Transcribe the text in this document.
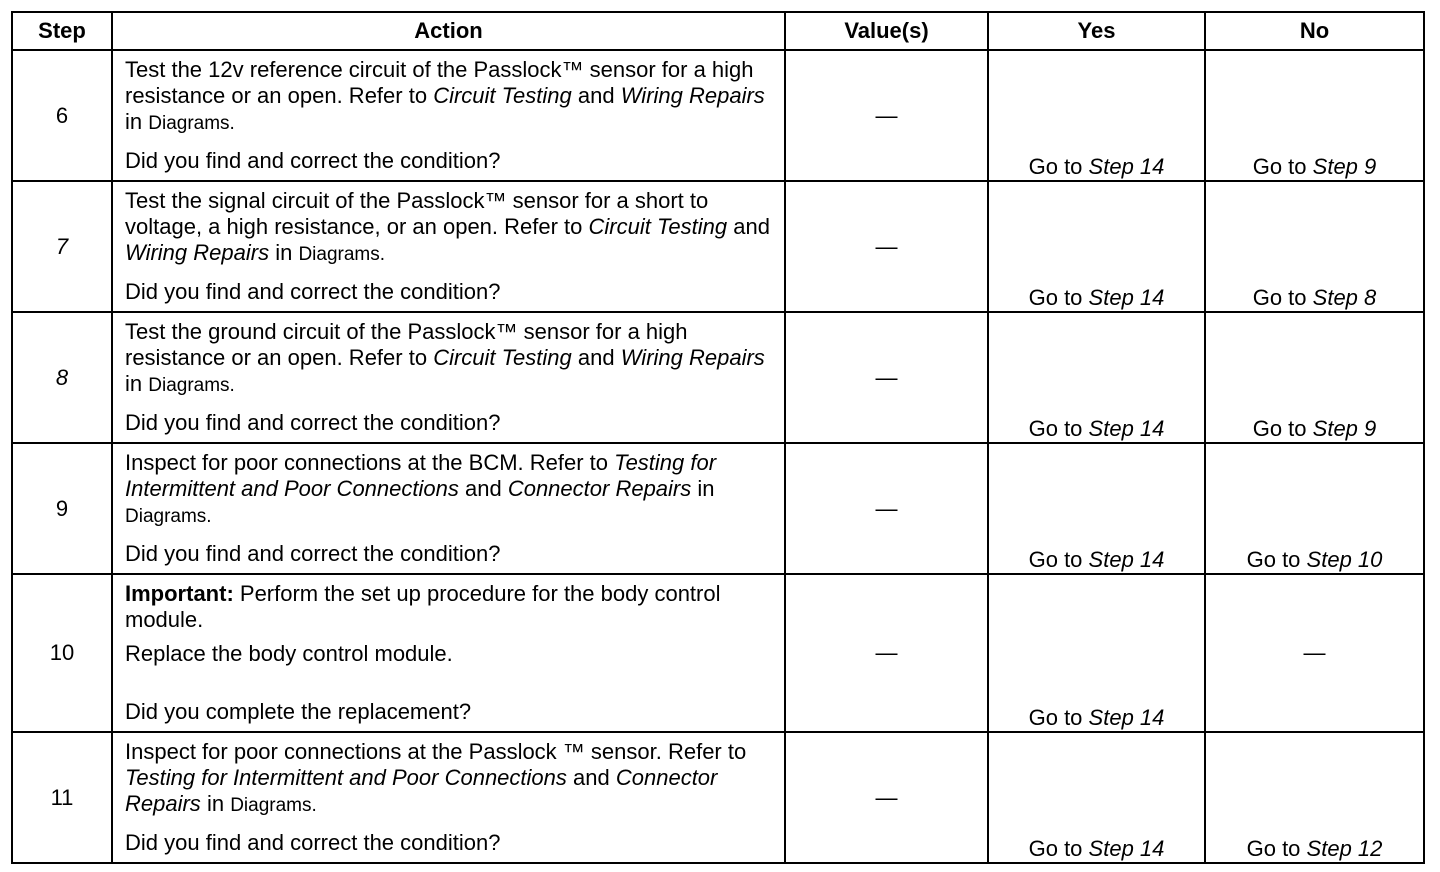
Step	Action	Value(s)	Yes	No
6	Test the 12v reference circuit of the Passlock™ sensor for a high resistance or an open. Refer to Circuit Testing and Wiring Repairs in Diagrams.
Did you find and correct the condition?	—	Go to Step 14	Go to Step 9
7	Test the signal circuit of the Passlock™ sensor for a short to voltage, a high resistance, or an open. Refer to Circuit Testing and Wiring Repairs in Diagrams.
Did you find and correct the condition?	—	Go to Step 14	Go to Step 8
8	Test the ground circuit of the Passlock™ sensor for a high resistance or an open. Refer to Circuit Testing and Wiring Repairs in Diagrams.
Did you find and correct the condition?	—	Go to Step 14	Go to Step 9
9	Inspect for poor connections at the BCM. Refer to Testing for Intermittent and Poor Connections and Connector Repairs in Diagrams.
Did you find and correct the condition?	—	Go to Step 14	Go to Step 10
10	Important: Perform the set up procedure for the body control module.
Replace the body control module.
Did you complete the replacement?	—	Go to Step 14	—
11	Inspect for poor connections at the Passlock ™ sensor. Refer to Testing for Intermittent and Poor Connections and Connector Repairs in Diagrams.
Did you find and correct the condition?	—	Go to Step 14	Go to Step 12
